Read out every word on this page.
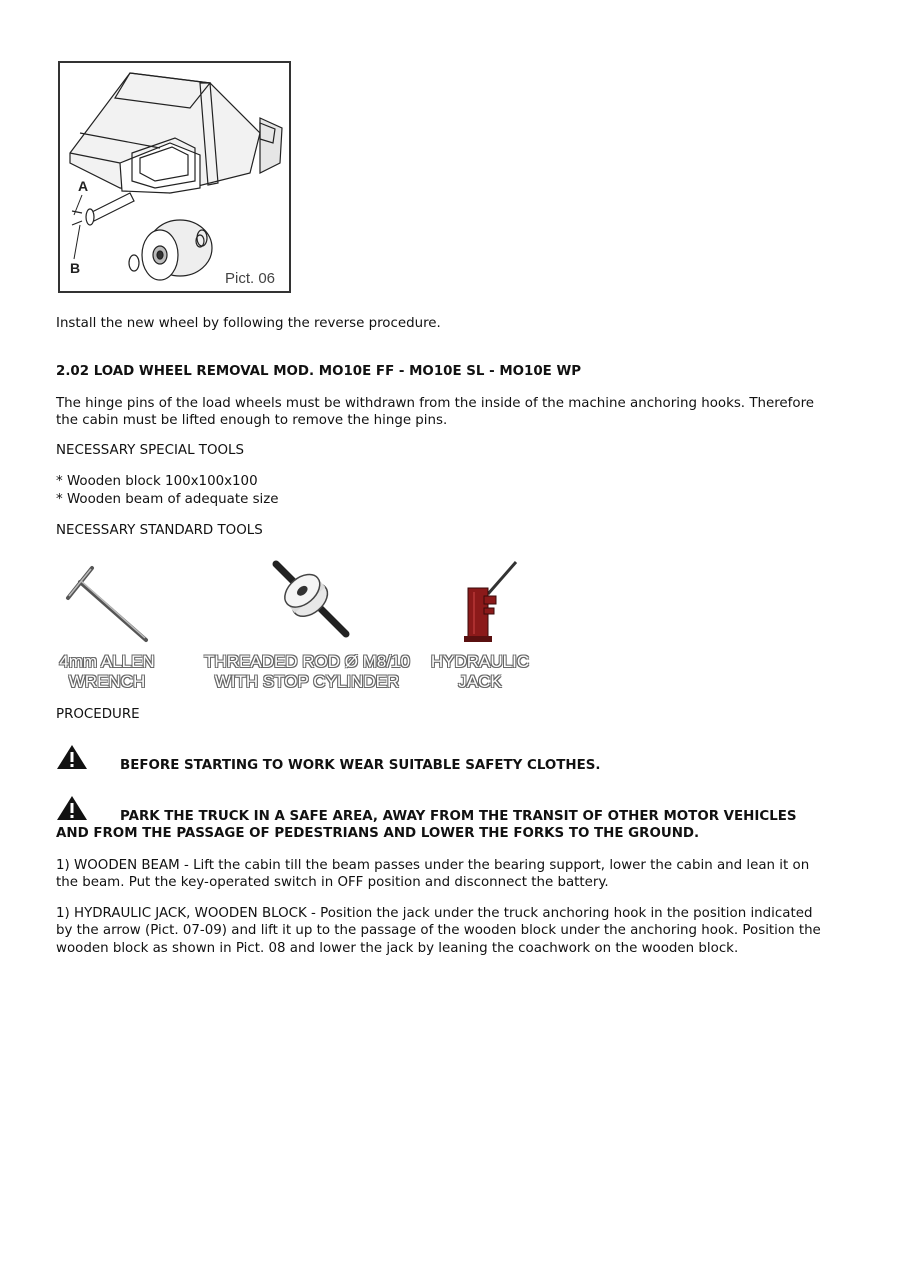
A
B
Pict. 06
Install the new wheel by following the reverse procedure.
2.02 LOAD WHEEL REMOVAL MOD. MO10E FF - MO10E SL - MO10E WP
The hinge pins of the load wheels must be withdrawn from the inside of the machine anchoring hooks. Therefore
the cabin must be lifted enough to remove the hinge pins.
NECESSARY SPECIAL TOOLS
* Wooden block 100x100x100
* Wooden beam of adequate size
NECESSARY STANDARD TOOLS
4mm ALLEN
WRENCH
THREADED ROD Ø M8/10
WITH STOP CYLINDER
HYDRAULIC
JACK
PROCEDURE
BEFORE STARTING TO WORK WEAR SUITABLE SAFETY CLOTHES.
PARK THE TRUCK IN A SAFE AREA, AWAY FROM THE TRANSIT OF OTHER MOTOR VEHICLES
AND FROM THE PASSAGE OF PEDESTRIANS AND LOWER THE FORKS TO THE GROUND.
1) WOODEN BEAM - Lift the cabin till the beam passes under the bearing support, lower the cabin and lean it on
the beam. Put the key-operated switch in OFF position and disconnect the battery.
1) HYDRAULIC JACK, WOODEN BLOCK - Position the jack under the truck anchoring hook in the position indicated
by the arrow (Pict. 07-09) and lift it up to the passage of the wooden block under the anchoring hook. Position the
wooden block as shown in Pict. 08 and lower the jack by leaning the coachwork on the wooden block.
